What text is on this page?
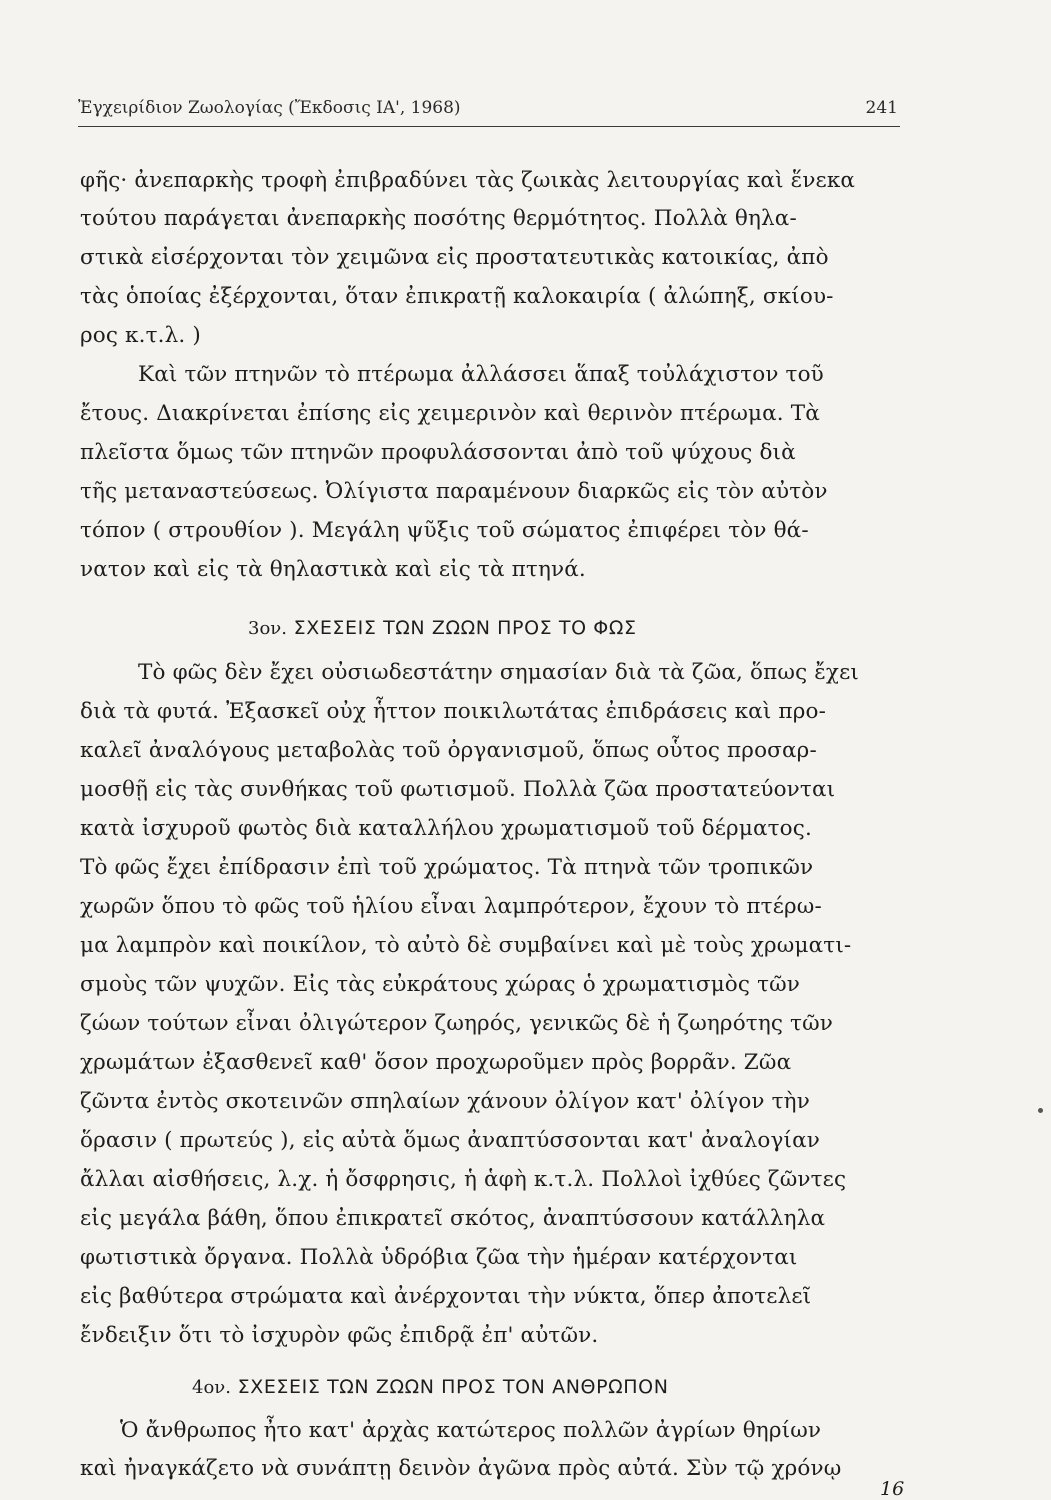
Ἐγχειρίδιον Ζωολογίας (Ἔκδοσις ΙΑ', 1968)	241
φῆς· ἀνεπαρκὴς τροφὴ ἐπιβραδύνει τὰς ζωικὰς λειτουργίας καὶ ἕνεκα
τούτου παράγεται ἀνεπαρκὴς ποσότης θερμότητος. Πολλὰ θηλα-
στικὰ εἰσέρχονται τὸν χειμῶνα εἰς προστατευτικὰς κατοικίας, ἀπὸ
τὰς ὁποίας ἐξέρχονται, ὅταν ἐπικρατῇ καλοκαιρία ( ἀλώπηξ, σκίου-
ρος κ.τ.λ. )
Καὶ τῶν πτηνῶν τὸ πτέρωμα ἀλλάσσει ἅπαξ τοὐλάχιστον τοῦ
ἔτους. Διακρίνεται ἐπίσης εἰς χειμερινὸν καὶ θερινὸν πτέρωμα. Τὰ
πλεῖστα ὅμως τῶν πτηνῶν προφυλάσσονται ἀπὸ τοῦ ψύχους διὰ
τῆς μεταναστεύσεως. Ὀλίγιστα παραμένουν διαρκῶς εἰς τὸν αὐτὸν
τόπον ( στρουθίον ). Μεγάλη ψῦξις τοῦ σώματος ἐπιφέρει τὸν θά-
νατον καὶ εἰς τὰ θηλαστικὰ καὶ εἰς τὰ πτηνά.
3ον. ΣΧΕΣΕΙΣ ΤΩΝ ΖΩΩΝ ΠΡΟΣ ΤΟ ΦΩΣ
Τὸ φῶς δὲν ἔχει οὐσιωδεστάτην σημασίαν διὰ τὰ ζῶα, ὅπως ἔχει
διὰ τὰ φυτά. Ἐξασκεῖ οὐχ ἧττον ποικιλωτάτας ἐπιδράσεις καὶ προ-
καλεῖ ἀναλόγους μεταβολὰς τοῦ ὀργανισμοῦ, ὅπως οὗτος προσαρ-
μοσθῇ εἰς τὰς συνθήκας τοῦ φωτισμοῦ. Πολλὰ ζῶα προστατεύονται
κατὰ ἰσχυροῦ φωτὸς διὰ καταλλήλου χρωματισμοῦ τοῦ δέρματος.
Τὸ φῶς ἔχει ἐπίδρασιν ἐπὶ τοῦ χρώματος. Τὰ πτηνὰ τῶν τροπικῶν
χωρῶν ὅπου τὸ φῶς τοῦ ἡλίου εἶναι λαμπρότερον, ἔχουν τὸ πτέρω-
μα λαμπρὸν καὶ ποικίλον, τὸ αὐτὸ δὲ συμβαίνει καὶ μὲ τοὺς χρωματι-
σμοὺς τῶν ψυχῶν. Εἰς τὰς εὐκράτους χώρας ὁ χρωματισμὸς τῶν
ζώων τούτων εἶναι ὀλιγώτερον ζωηρός, γενικῶς δὲ ἡ ζωηρότης τῶν
χρωμάτων ἐξασθενεῖ καθ' ὅσον προχωροῦμεν πρὸς βορρᾶν. Ζῶα
ζῶντα ἐντὸς σκοτεινῶν σπηλαίων χάνουν ὀλίγον κατ' ὀλίγον τὴν
ὅρασιν ( πρωτεύς ), εἰς αὐτὰ ὅμως ἀναπτύσσονται κατ' ἀναλογίαν
ἄλλαι αἰσθήσεις, λ.χ. ἡ ὄσφρησις, ἡ ἁφὴ κ.τ.λ. Πολλοὶ ἰχθύες ζῶντες
εἰς μεγάλα βάθη, ὅπου ἐπικρατεῖ σκότος, ἀναπτύσσουν κατάλληλα
φωτιστικὰ ὄργανα. Πολλὰ ὑδρόβια ζῶα τὴν ἡμέραν κατέρχονται
εἰς βαθύτερα στρώματα καὶ ἀνέρχονται τὴν νύκτα, ὅπερ ἀποτελεῖ
ἔνδειξιν ὅτι τὸ ἰσχυρὸν φῶς ἐπιδρᾷ ἐπ' αὐτῶν.
4ον. ΣΧΕΣΕΙΣ ΤΩΝ ΖΩΩΝ ΠΡΟΣ ΤΟΝ ΑΝΘΡΩΠΟΝ
Ὁ ἄνθρωπος ἦτο κατ' ἀρχὰς κατώτερος πολλῶν ἀγρίων θηρίων
καὶ ἠναγκάζετο νὰ συνάπτῃ δεινὸν ἀγῶνα πρὸς αὐτά. Σὺν τῷ χρόνῳ
16
